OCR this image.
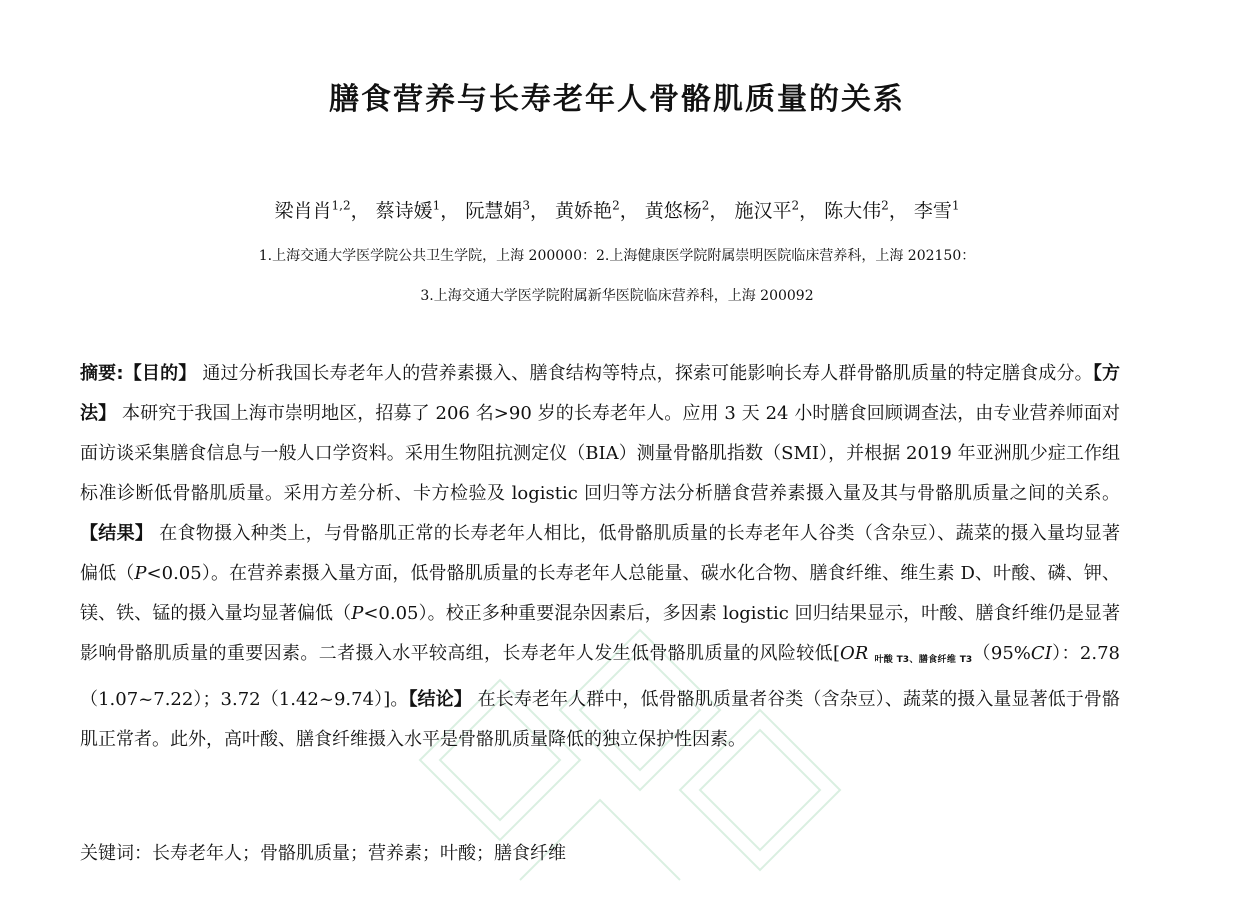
膳食营养与长寿老年人骨骼肌质量的关系
梁肖肖$^{1,2}$， 蔡诗媛$^1$， 阮慧娟$^3$， 黄娇艳$^2$， 黄悠杨$^2$， 施汉平$^2$， 陈大伟$^2$， 李雪$^1$
1.上海交通大学医学院公共卫生学院，上海 200000：2.上海健康医学院附属崇明医院临床营养科，上海 202150：
3.上海交通大学医学院附属新华医院临床营养科，上海 200092
摘要:【目的】 通过分析我国长寿老年人的营养素摄入、膳食结构等特点，探索可能影响长寿人群骨骼肌质量的特定膳食成分。【方法】 本研究于我国上海市崇明地区，招募了 206 名>90 岁的长寿老年人。应用 3 天 24 小时膳食回顾调查法，由专业营养师面对面访谈采集膳食信息与一般人口学资料。采用生物阻抗测定仪（BIA）测量骨骼肌指数（SMI），并根据 2019 年亚洲肌少症工作组标准诊断低骨骼肌质量。采用方差分析、卡方检验及 logistic 回归等方法分析膳食营养素摄入量及其与骨骼肌质量之间的关系。【结果】 在食物摄入种类上，与骨骼肌正常的长寿老年人相比，低骨骼肌质量的长寿老年人谷类（含杂豆）、蔬菜的摄入量均显著偏低（P<0.05）。在营养素摄入量方面，低骨骼肌质量的长寿老年人总能量、碳水化合物、膳食纤维、维生素 D、叶酸、磷、钾、镁、铁、锰的摄入量均显著偏低（P<0.05）。校正多种重要混杂因素后，多因素 logistic 回归结果显示，叶酸、膳食纤维仍是显著影响骨骼肌质量的重要因素。二者摄入水平较高组，长寿老年人发生低骨骼肌质量的风险较低[OR $_{叶酸 T3、膳食纤维 T3}$（95%CI）：2.78（1.07~7.22）；3.72（1.42~9.74）]。【结论】 在长寿老年人群中，低骨骼肌质量者谷类（含杂豆）、蔬菜的摄入量显著低于骨骼肌正常者。此外，高叶酸、膳食纤维摄入水平是骨骼肌质量降低的独立保护性因素。
关键词：长寿老年人；骨骼肌质量；营养素；叶酸；膳食纤维
